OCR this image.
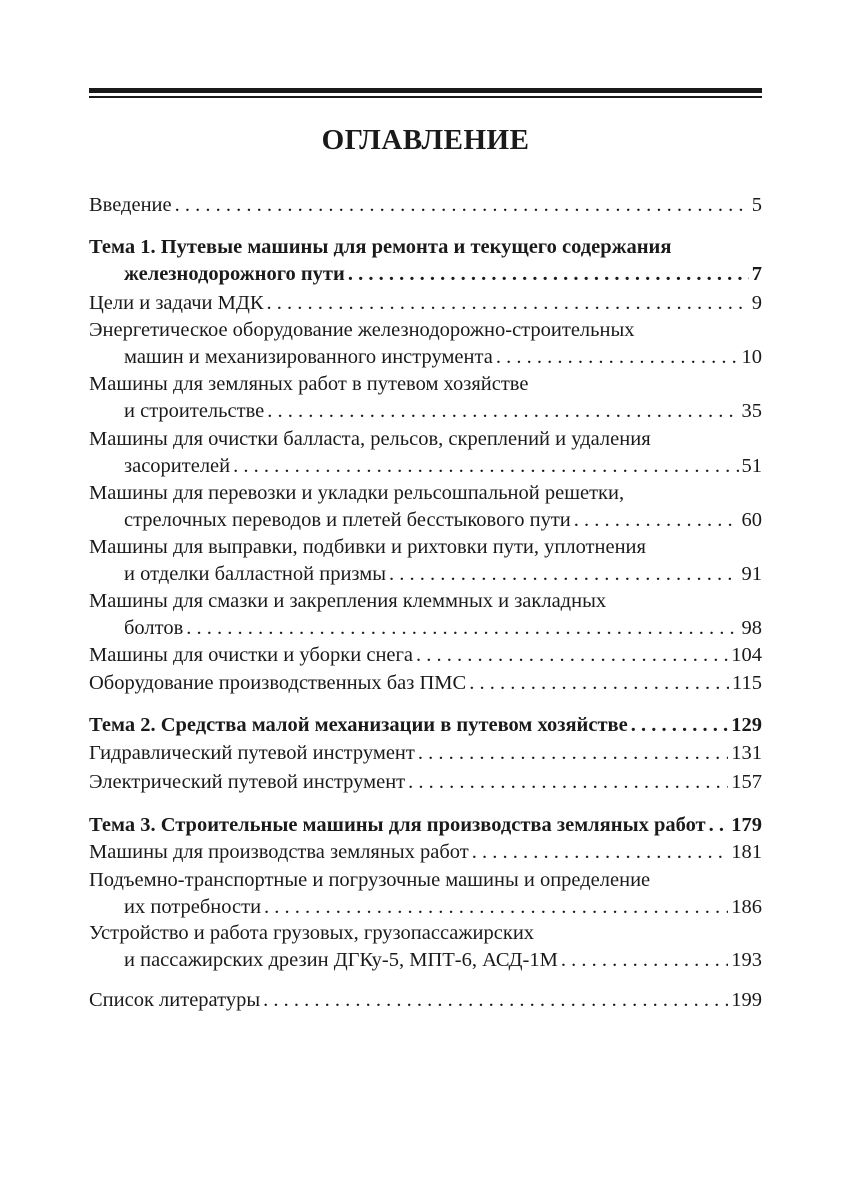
ОГЛАВЛЕНИЕ
Введение . . .	5
Тема 1. Путевые машины для ремонта и текущего содержания
железнодорожного пути . . .	7
Цели и задачи МДК . . .	9
Энергетическое оборудование железнодорожно-строительных
машин и механизированного инструмента . . .	10
Машины для земляных работ в путевом хозяйстве
и строительстве . . .	35
Машины для очистки балласта, рельсов, скреплений и удаления
засорителей . . .	51
Машины для перевозки и укладки рельсошпальной решетки,
стрелочных переводов и плетей бесстыкового пути . . .	60
Машины для выправки, подбивки и рихтовки пути, уплотнения
и отделки балластной призмы . . .	91
Машины для смазки и закрепления клеммных и закладных
болтов . . .	98
Машины для очистки и уборки снега . . .	104
Оборудование производственных баз ПМС . . .	115
Тема 2. Средства малой механизации в путевом хозяйстве . . .	129
Гидравлический путевой инструмент . . .	131
Электрический путевой инструмент . . .	157
Тема 3. Строительные машины для производства земляных работ . . . 179
Машины для производства земляных работ . . .	181
Подъемно-транспортные и погрузочные машины и определение
их потребности . . .	186
Устройство и работа грузовых, грузопассажирских
и пассажирских дрезин ДГКу-5, МПТ-6, АСД-1М . . .	193
Список литературы . . .	199
